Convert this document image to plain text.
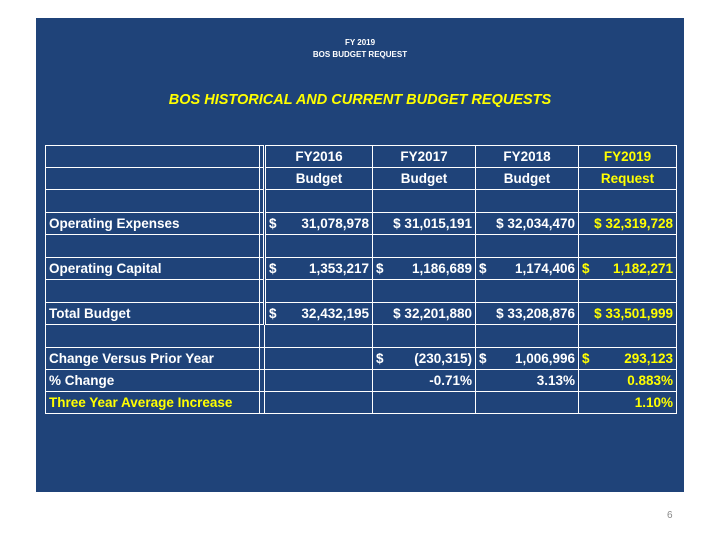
FY 2019
BOS BUDGET REQUEST
BOS HISTORICAL AND CURRENT BUDGET REQUESTS
		FY2016	FY2017	FY2018	FY2019
		Budget	Budget	Budget	Request

Operating Expenses		$ 31,078,978	$ 31,015,191	$ 32,034,470	$ 32,319,728

Operating Capital		$ 1,353,217	$ 1,186,689	$ 1,174,406	$ 1,182,271

Total Budget		$ 32,432,195	$ 32,201,880	$ 33,208,876	$ 33,501,999

Change Versus Prior Year			$ (230,315)	$ 1,006,996	$ 293,123
% Change			-0.71%	3.13%	0.883%
Three Year Average Increase					1.10%
6
